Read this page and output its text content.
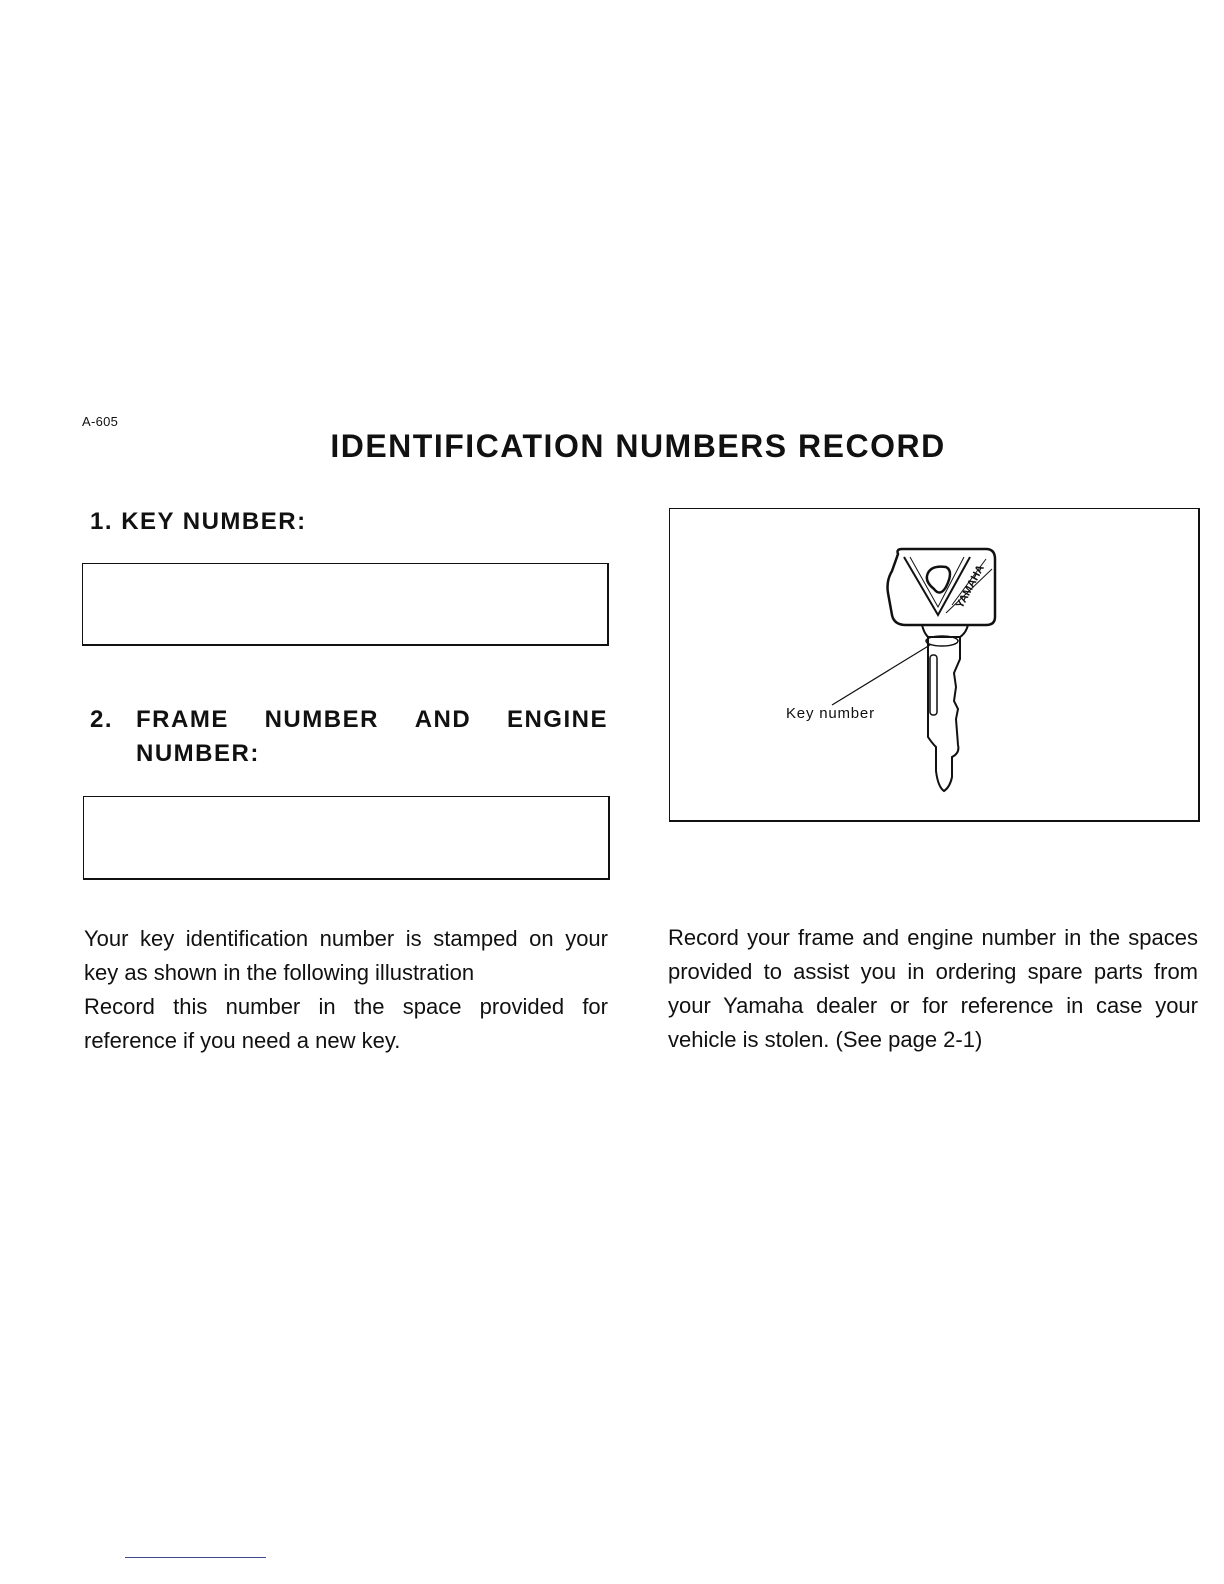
A-605
IDENTIFICATION NUMBERS RECORD
1. KEY NUMBER:
2. FRAME NUMBER AND ENGINE
NUMBER:
YAMAHA
Key number

Your key identification number is stamped on your key as shown in the following illustration

Record this number in the space provided for reference if you need a new key.

Record your frame and engine number in the spaces provided to assist you in ordering spare parts from your Yamaha dealer or for reference in case your vehicle is stolen. (See page 2-1)
